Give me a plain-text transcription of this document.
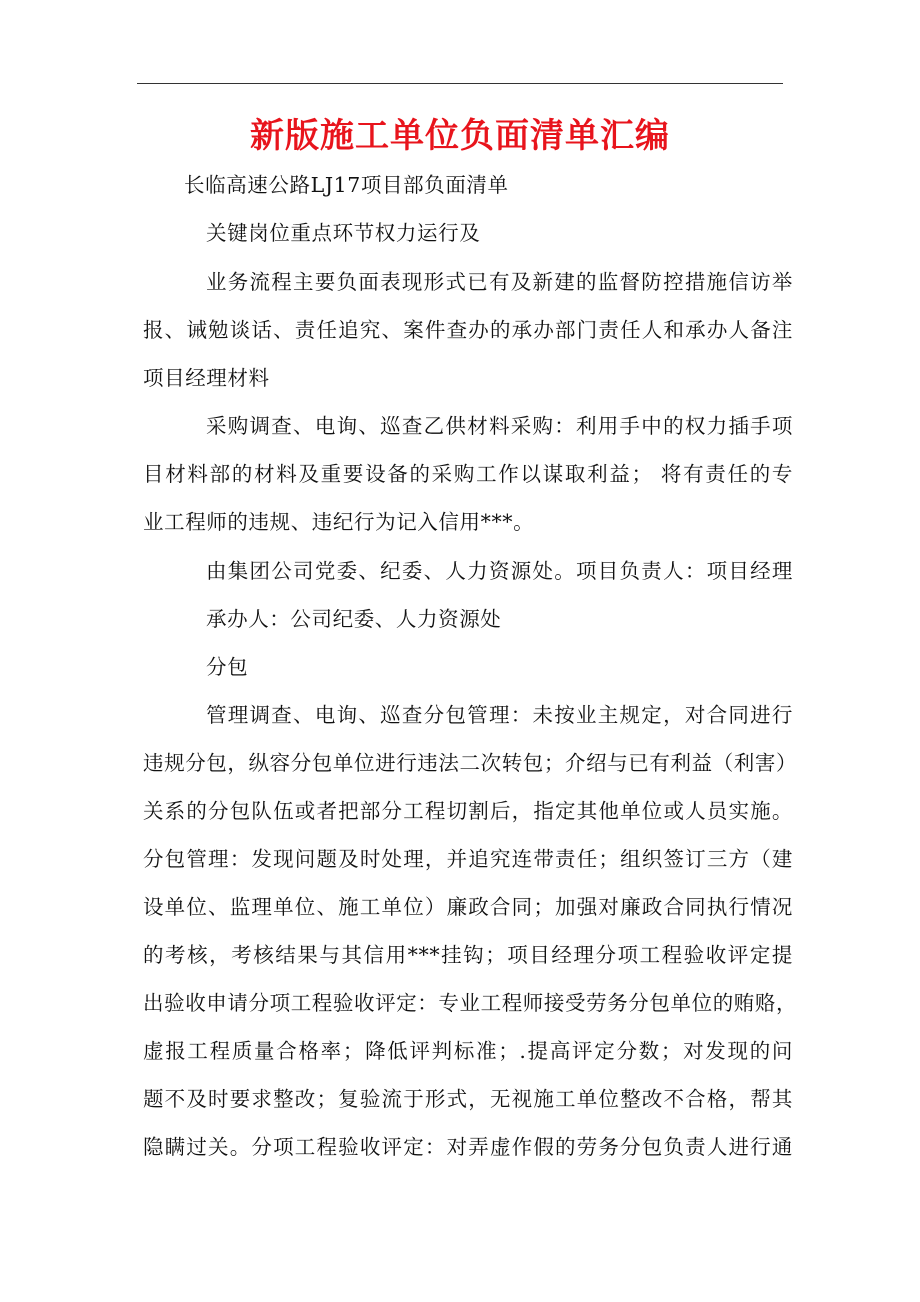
新版施工单位负面清单汇编
长临高速公路LJ17项目部负面清单
关键岗位重点环节权力运行及
业务流程主要负面表现形式已有及新建的监督防控措施信访举
报、诫勉谈话、责任追究、案件查办的承办部门责任人和承办人备注
项目经理材料
采购调查、电询、巡查乙供材料采购：利用手中的权力插手项
目材料部的材料及重要设备的采购工作以谋取利益； 将有责任的专
业工程师的违规、违纪行为记入信用***。
由集团公司党委、纪委、人力资源处。项目负责人：项目经理
承办人：公司纪委、人力资源处
分包
管理调查、电询、巡查分包管理：未按业主规定，对合同进行
违规分包，纵容分包单位进行违法二次转包；介绍与已有利益（利害）
关系的分包队伍或者把部分工程切割后，指定其他单位或人员实施。
分包管理：发现问题及时处理，并追究连带责任；组织签订三方（建
设单位、监理单位、施工单位）廉政合同；加强对廉政合同执行情况
的考核，考核结果与其信用***挂钩；项目经理分项工程验收评定提
出验收申请分项工程验收评定：专业工程师接受劳务分包单位的贿赂，
虚报工程质量合格率；降低评判标准；.提高评定分数；对发现的问
题不及时要求整改；复验流于形式，无视施工单位整改不合格，帮其
隐瞒过关。分项工程验收评定：对弄虚作假的劳务分包负责人进行通
